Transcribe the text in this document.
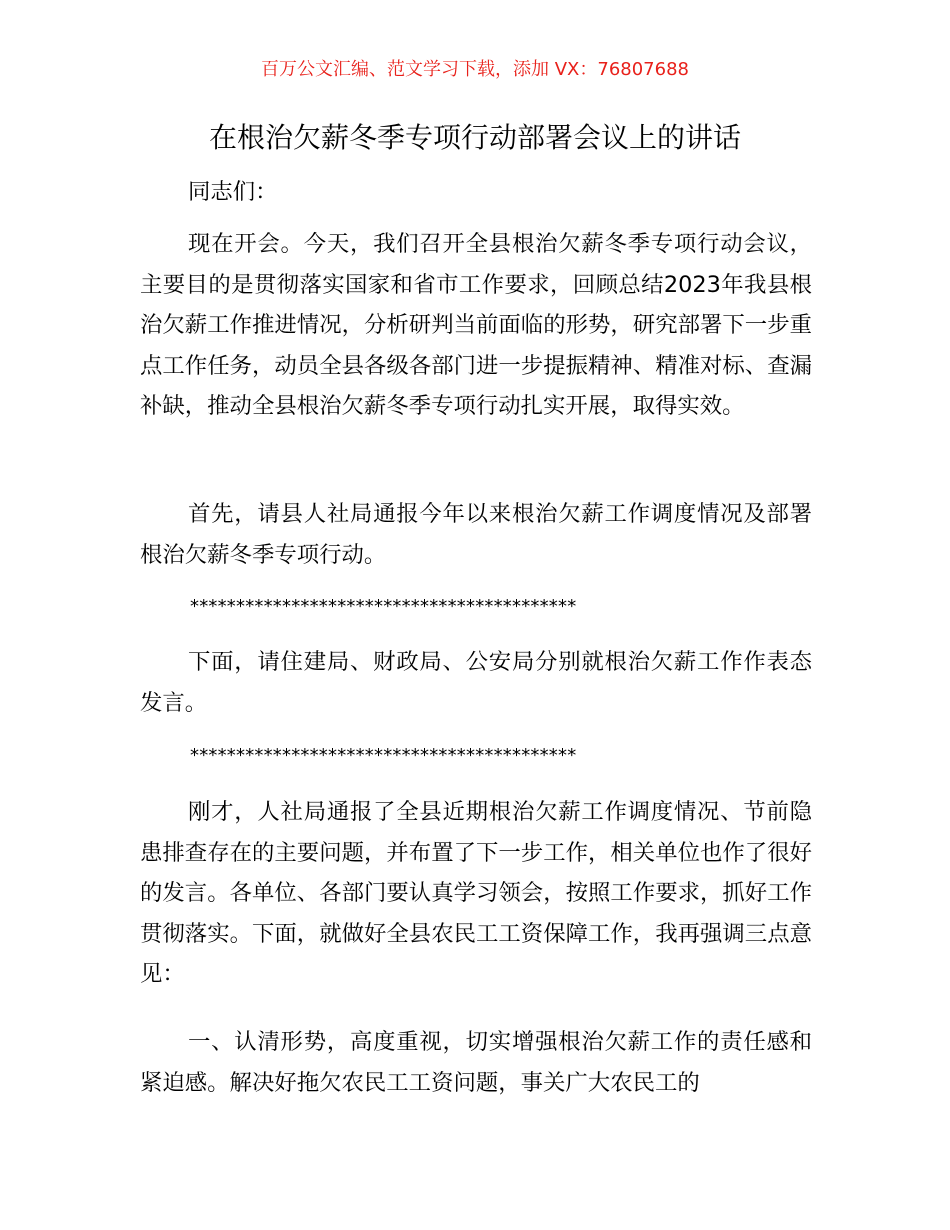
百万公文汇编、范文学习下载，添加 VX：76807688
在根治欠薪冬季专项行动部署会议上的讲话

同志们：

现在开会。今天，我们召开全县根治欠薪冬季专项行动会议，主要目的是贯彻落实国家和省市工作要求，回顾总结2023年我县根治欠薪工作推进情况，分析研判当前面临的形势，研究部署下一步重点工作任务，动员全县各级各部门进一步提振精神、精准对标、查漏补缺，推动全县根治欠薪冬季专项行动扎实开展，取得实效。

首先，请县人社局通报今年以来根治欠薪工作调度情况及部署根治欠薪冬季专项行动。

******************************************

下面，请住建局、财政局、公安局分别就根治欠薪工作作表态发言。

******************************************

刚才，人社局通报了全县近期根治欠薪工作调度情况、节前隐患排查存在的主要问题，并布置了下一步工作，相关单位也作了很好的发言。各单位、各部门要认真学习领会，按照工作要求，抓好工作贯彻落实。下面，就做好全县农民工工资保障工作，我再强调三点意见：

一、认清形势，高度重视，切实增强根治欠薪工作的责任感和紧迫感。解决好拖欠农民工工资问题，事关广大农民工的
